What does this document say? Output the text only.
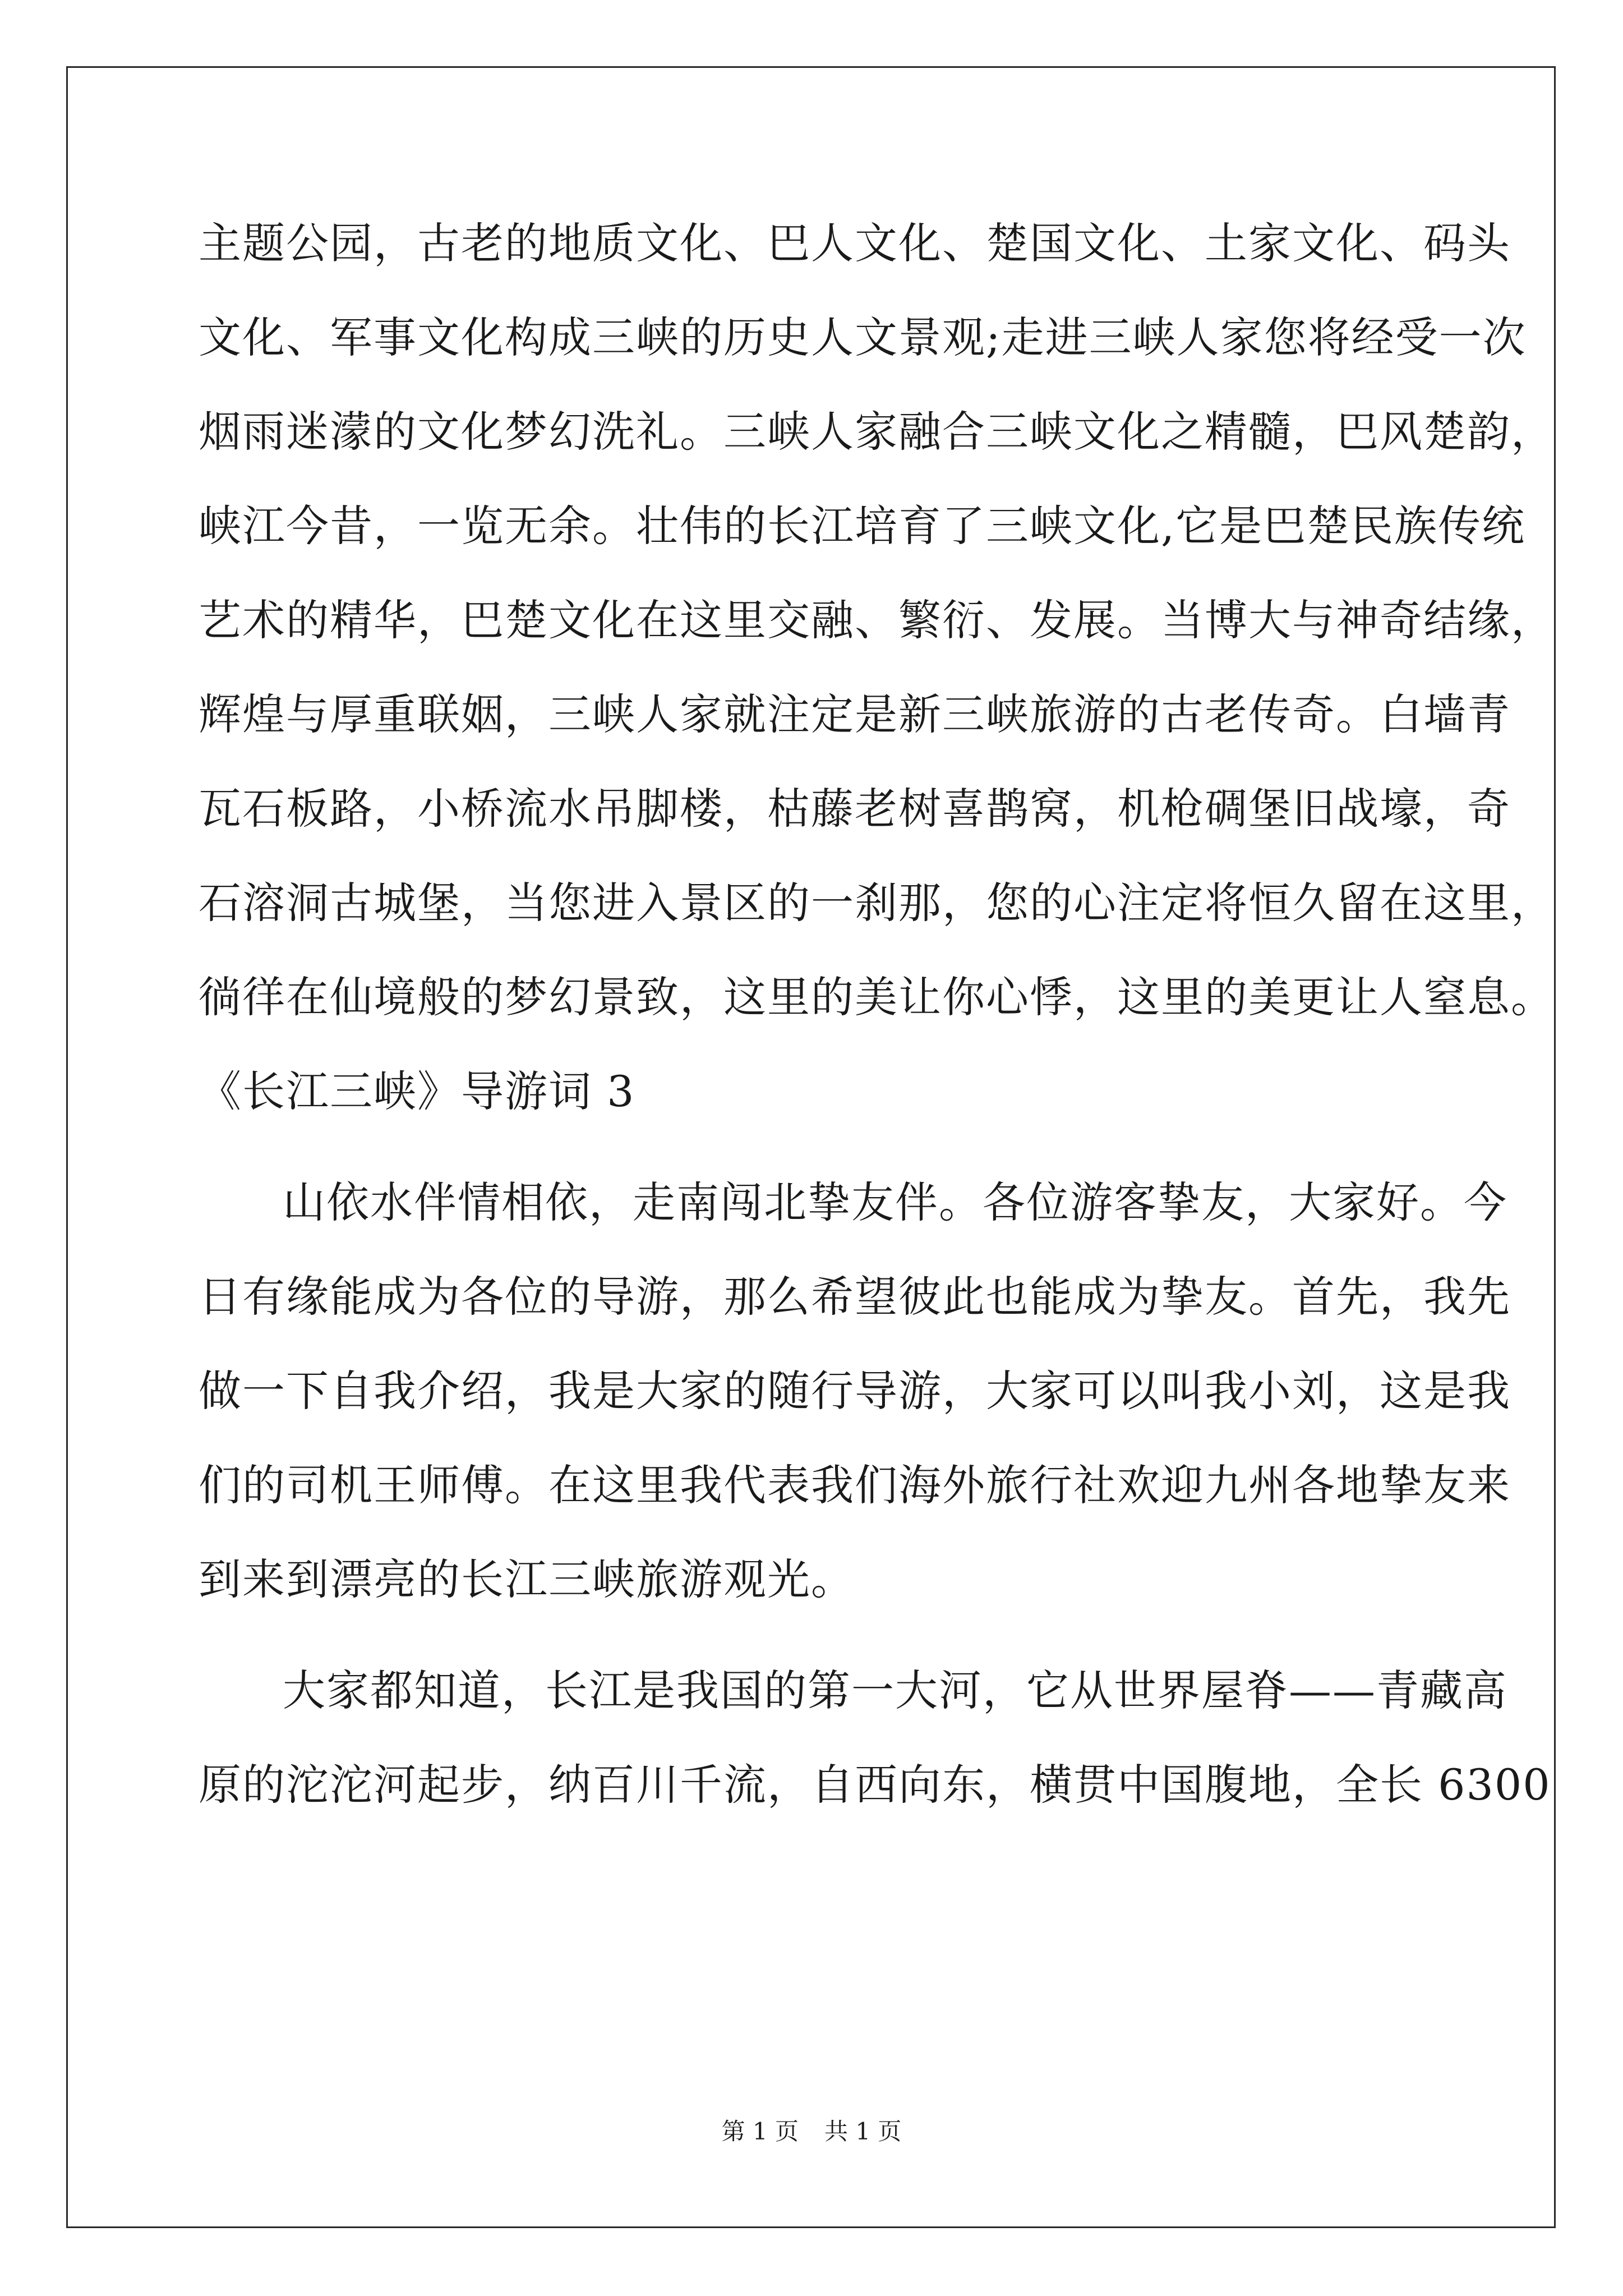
主题公园，古老的地质文化、巴人文化、楚国文化、土家文化、码头
文化、军事文化构成三峡的历史人文景观;走进三峡人家您将经受一次
烟雨迷濛的文化梦幻洗礼。三峡人家融合三峡文化之精髓，巴风楚韵，
峡江今昔，一览无余。壮伟的长江培育了三峡文化,它是巴楚民族传统
艺术的精华，巴楚文化在这里交融、繁衍、发展。当博大与神奇结缘，
辉煌与厚重联姻，三峡人家就注定是新三峡旅游的古老传奇。白墙青
瓦石板路，小桥流水吊脚楼，枯藤老树喜鹊窝，机枪碉堡旧战壕，奇
石溶洞古城堡，当您进入景区的一刹那，您的心注定将恒久留在这里，
徜徉在仙境般的梦幻景致，这里的美让你心悸，这里的美更让人窒息。
《长江三峡》导游词 3
山依水伴情相依，走南闯北挚友伴。各位游客挚友，大家好。今
日有缘能成为各位的导游，那么希望彼此也能成为挚友。首先，我先
做一下自我介绍，我是大家的随行导游，大家可以叫我小刘，这是我
们的司机王师傅。在这里我代表我们海外旅行社欢迎九州各地挚友来
到来到漂亮的长江三峡旅游观光。
大家都知道，长江是我国的第一大河，它从世界屋脊——青藏高
原的沱沱河起步，纳百川千流，自西向东，横贯中国腹地，全长 6300
第 1 页 共 1 页
